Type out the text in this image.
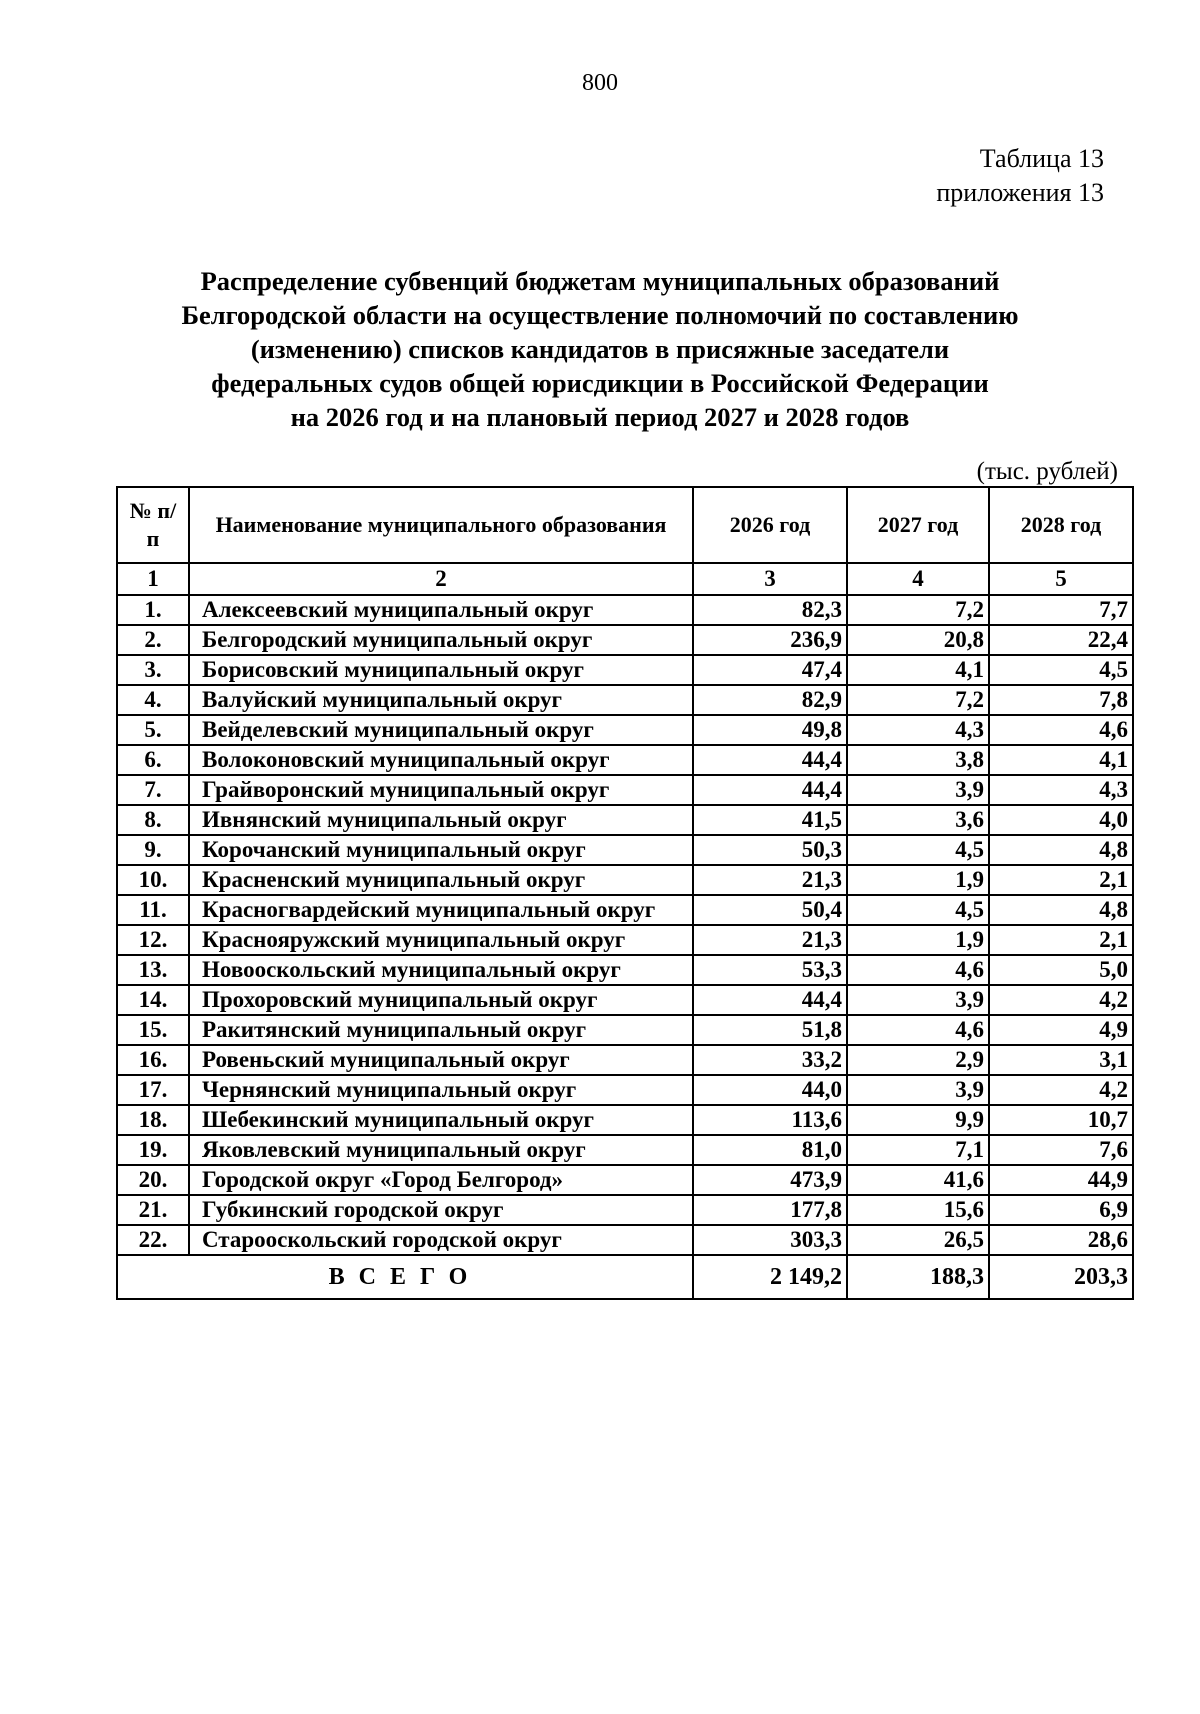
800
Таблица 13
приложения 13
Распределение субвенций бюджетам муниципальных образований
Белгородской области на осуществление полномочий по составлению
(изменению) списков кандидатов в присяжные заседатели
федеральных судов общей юрисдикции в Российской Федерации
на 2026 год и на плановый период 2027 и 2028 годов
(тыс. рублей)
№ п/п	Наименование муниципального образования	2026 год	2027 год	2028 год
1	2	3	4	5
1.	Алексеевский муниципальный округ	82,3	7,2	7,7
2.	Белгородский муниципальный округ	236,9	20,8	22,4
3.	Борисовский муниципальный округ	47,4	4,1	4,5
4.	Валуйский муниципальный округ	82,9	7,2	7,8
5.	Вейделевский муниципальный округ	49,8	4,3	4,6
6.	Волоконовский муниципальный округ	44,4	3,8	4,1
7.	Грайворонский муниципальный округ	44,4	3,9	4,3
8.	Ивнянский муниципальный округ	41,5	3,6	4,0
9.	Корочанский муниципальный округ	50,3	4,5	4,8
10.	Красненский муниципальный округ	21,3	1,9	2,1
11.	Красногвардейский муниципальный округ	50,4	4,5	4,8
12.	Краснояружский муниципальный округ	21,3	1,9	2,1
13.	Новооскольский муниципальный округ	53,3	4,6	5,0
14.	Прохоровский муниципальный округ	44,4	3,9	4,2
15.	Ракитянский муниципальный округ	51,8	4,6	4,9
16.	Ровеньский муниципальный округ	33,2	2,9	3,1
17.	Чернянский муниципальный округ	44,0	3,9	4,2
18.	Шебекинский муниципальный округ	113,6	9,9	10,7
19.	Яковлевский муниципальный округ	81,0	7,1	7,6
20.	Городской округ «Город Белгород»	473,9	41,6	44,9
21.	Губкинский городской округ	177,8	15,6	6,9
22.	Старооскольский городской округ	303,3	26,5	28,6
ВСЕГО		2 149,2	188,3	203,3
